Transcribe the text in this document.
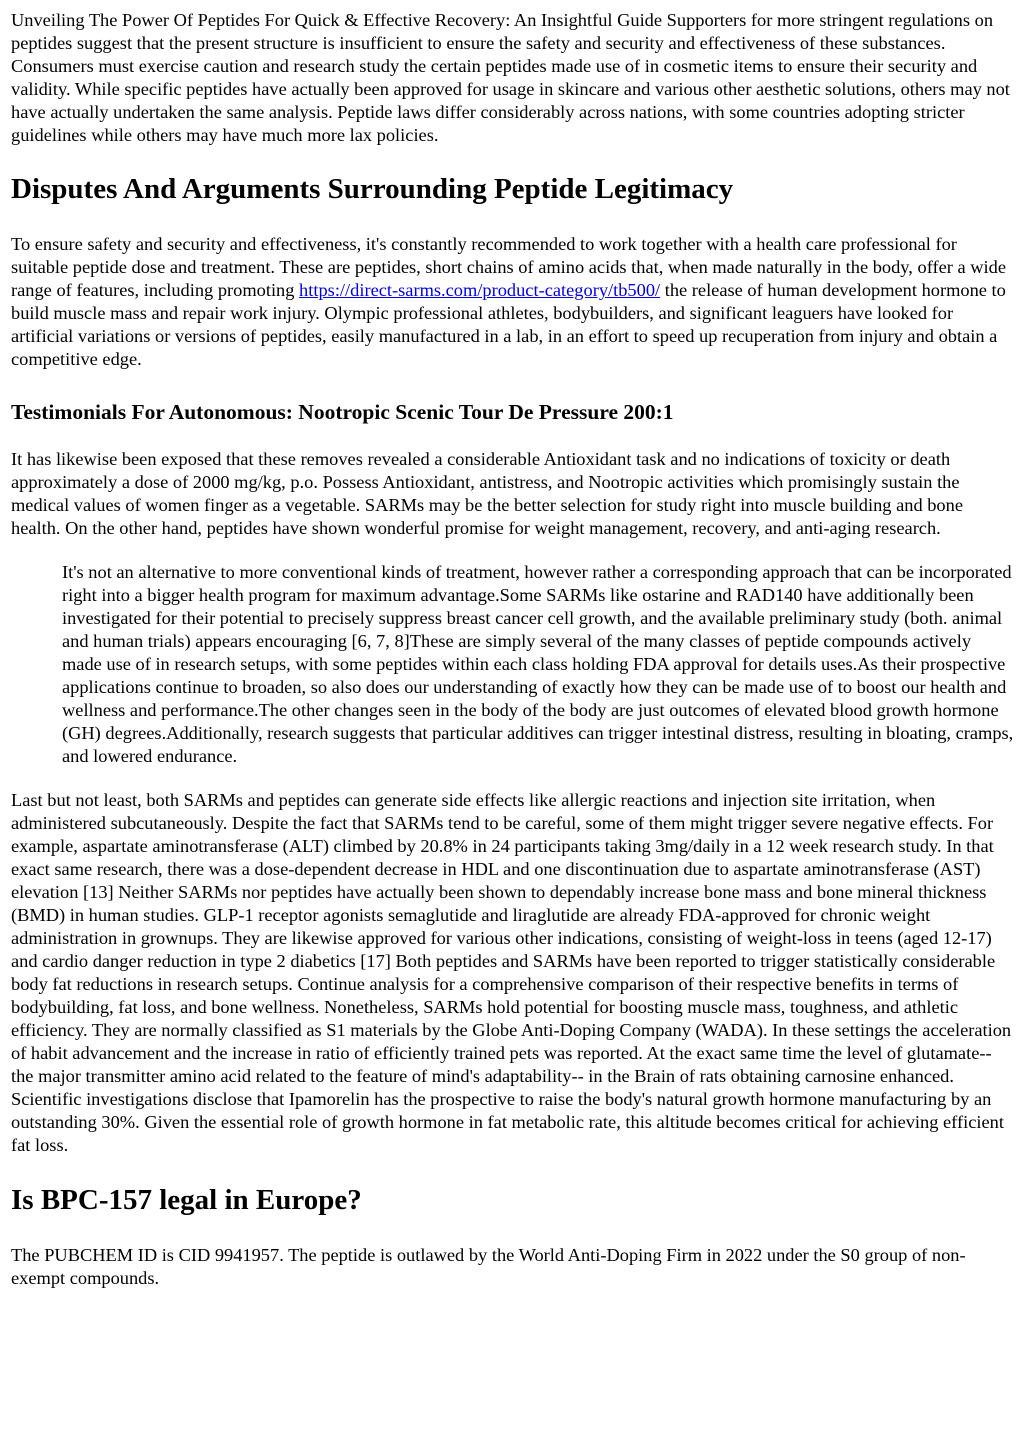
Unveiling The Power Of Peptides For Quick & Effective Recovery: An Insightful Guide Supporters for more stringent regulations on peptides suggest that the present structure is insufficient to ensure the safety and security and effectiveness of these substances. Consumers must exercise caution and research study the certain peptides made use of in cosmetic items to ensure their security and validity. While specific peptides have actually been approved for usage in skincare and various other aesthetic solutions, others may not have actually undertaken the same analysis. Peptide laws differ considerably across nations, with some countries adopting stricter guidelines while others may have much more lax policies.

Disputes And Arguments Surrounding Peptide Legitimacy

To ensure safety and security and effectiveness, it's constantly recommended to work together with a health care professional for suitable peptide dose and treatment. These are peptides, short chains of amino acids that, when made naturally in the body, offer a wide range of features, including promoting https://direct-sarms.com/product-category/tb500/ the release of human development hormone to build muscle mass and repair work injury. Olympic professional athletes, bodybuilders, and significant leaguers have looked for artificial variations or versions of peptides, easily manufactured in a lab, in an effort to speed up recuperation from injury and obtain a competitive edge.

Testimonials For Autonomous: Nootropic Scenic Tour De Pressure 200:1

It has likewise been exposed that these removes revealed a considerable Antioxidant task and no indications of toxicity or death approximately a dose of 2000 mg/kg, p.o. Possess Antioxidant, antistress, and Nootropic activities which promisingly sustain the medical values of women finger as a vegetable. SARMs may be the better selection for study right into muscle building and bone health. On the other hand, peptides have shown wonderful promise for weight management, recovery, and anti-aging research.

It's not an alternative to more conventional kinds of treatment, however rather a corresponding approach that can be incorporated right into a bigger health program for maximum advantage.Some SARMs like ostarine and RAD140 have additionally been investigated for their potential to precisely suppress breast cancer cell growth, and the available preliminary study (both. animal and human trials) appears encouraging [6, 7, 8]These are simply several of the many classes of peptide compounds actively made use of in research setups, with some peptides within each class holding FDA approval for details uses.As their prospective applications continue to broaden, so also does our understanding of exactly how they can be made use of to boost our health and wellness and performance.The other changes seen in the body of the body are just outcomes of elevated blood growth hormone (GH) degrees.Additionally, research suggests that particular additives can trigger intestinal distress, resulting in bloating, cramps, and lowered endurance.

Last but not least, both SARMs and peptides can generate side effects like allergic reactions and injection site irritation, when administered subcutaneously. Despite the fact that SARMs tend to be careful, some of them might trigger severe negative effects. For example, aspartate aminotransferase (ALT) climbed by 20.8% in 24 participants taking 3mg/daily in a 12 week research study. In that exact same research, there was a dose-dependent decrease in HDL and one discontinuation due to aspartate aminotransferase (AST) elevation [13] Neither SARMs nor peptides have actually been shown to dependably increase bone mass and bone mineral thickness (BMD) in human studies. GLP-1 receptor agonists semaglutide and liraglutide are already FDA-approved for chronic weight administration in grownups. They are likewise approved for various other indications, consisting of weight-loss in teens (aged 12-17) and cardio danger reduction in type 2 diabetics [17] Both peptides and SARMs have been reported to trigger statistically considerable body fat reductions in research setups. Continue analysis for a comprehensive comparison of their respective benefits in terms of bodybuilding, fat loss, and bone wellness. Nonetheless, SARMs hold potential for boosting muscle mass, toughness, and athletic efficiency. They are normally classified as S1 materials by the Globe Anti-Doping Company (WADA). In these settings the acceleration of habit advancement and the increase in ratio of efficiently trained pets was reported. At the exact same time the level of glutamate-- the major transmitter amino acid related to the feature of mind's adaptability-- in the Brain of rats obtaining carnosine enhanced. Scientific investigations disclose that Ipamorelin has the prospective to raise the body's natural growth hormone manufacturing by an outstanding 30%. Given the essential role of growth hormone in fat metabolic rate, this altitude becomes critical for achieving efficient fat loss.

Is BPC-157 legal in Europe?

The PUBCHEM ID is CID 9941957. The peptide is outlawed by the World Anti-Doping Firm in 2022 under the S0 group of non-exempt compounds.
